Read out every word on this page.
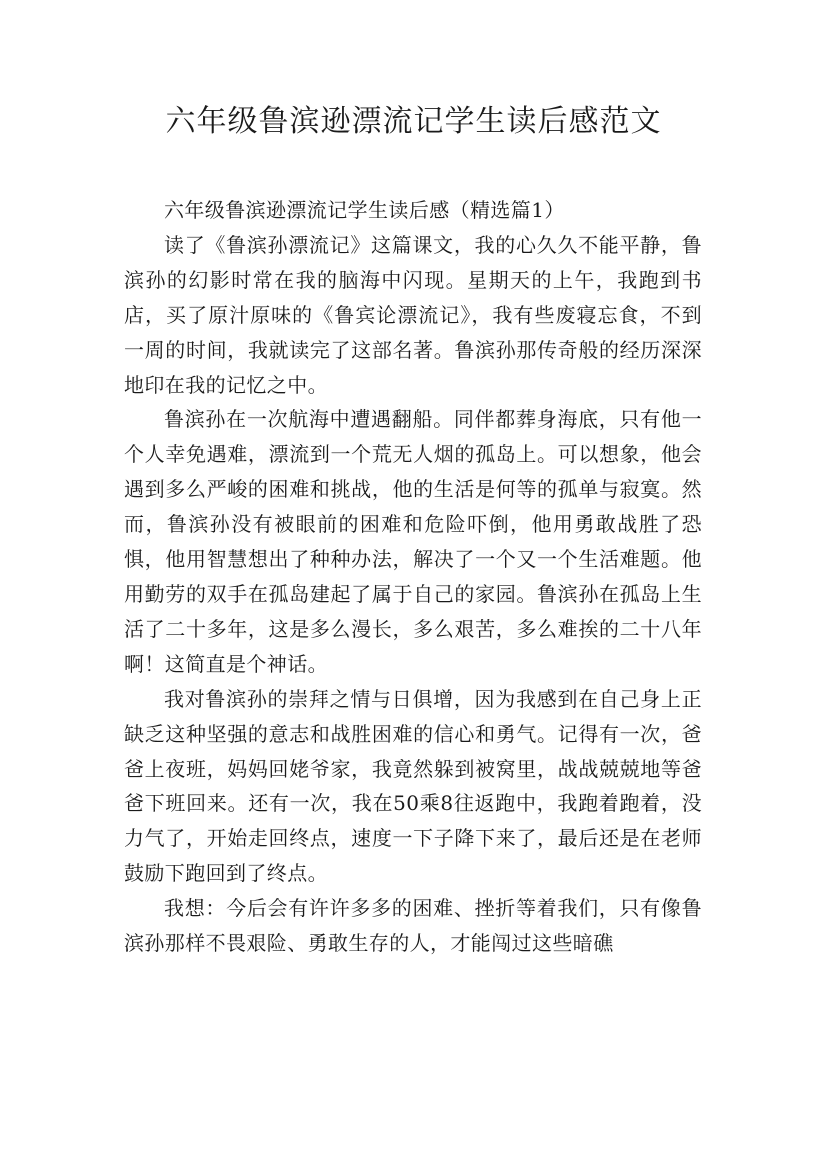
六年级鲁滨逊漂流记学生读后感范文

六年级鲁滨逊漂流记学生读后感（精选篇1）

读了《鲁滨孙漂流记》这篇课文，我的心久久不能平静，鲁滨孙的幻影时常在我的脑海中闪现。星期天的上午，我跑到书店，买了原汁原味的《鲁宾论漂流记》，我有些废寝忘食，不到一周的时间，我就读完了这部名著。鲁滨孙那传奇般的经历深深地印在我的记忆之中。

鲁滨孙在一次航海中遭遇翻船。同伴都葬身海底，只有他一个人幸免遇难，漂流到一个荒无人烟的孤岛上。可以想象，他会遇到多么严峻的困难和挑战，他的生活是何等的孤单与寂寞。然而，鲁滨孙没有被眼前的困难和危险吓倒，他用勇敢战胜了恐惧，他用智慧想出了种种办法，解决了一个又一个生活难题。他用勤劳的双手在孤岛建起了属于自己的家园。鲁滨孙在孤岛上生活了二十多年，这是多么漫长，多么艰苦，多么难挨的二十八年啊！这简直是个神话。

我对鲁滨孙的崇拜之情与日俱增，因为我感到在自己身上正缺乏这种坚强的意志和战胜困难的信心和勇气。记得有一次，爸爸上夜班，妈妈回姥爷家，我竟然躲到被窝里，战战兢兢地等爸爸下班回来。还有一次，我在50乘8往返跑中，我跑着跑着，没力气了，开始走回终点，速度一下子降下来了，最后还是在老师鼓励下跑回到了终点。

我想：今后会有许许多多的困难、挫折等着我们，只有像鲁滨孙那样不畏艰险、勇敢生存的人，才能闯过这些暗礁
